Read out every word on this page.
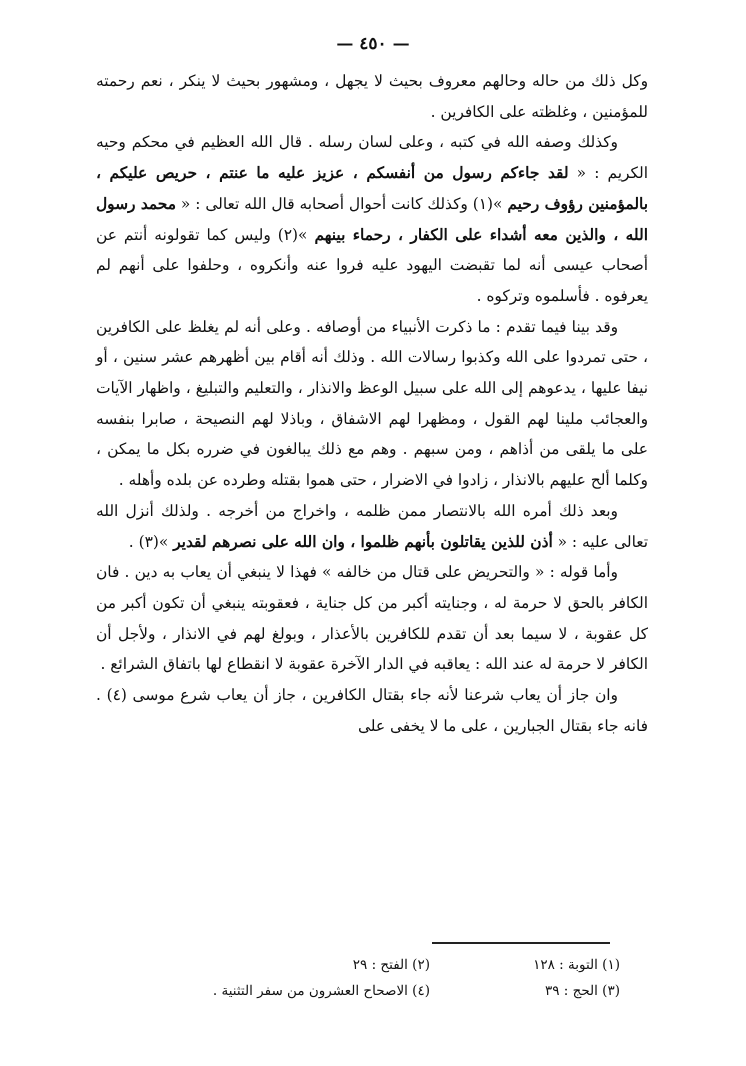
— ٤٥٠ —

وكل ذلك من حاله وحالهم معروف بحيث لا يجهل ، ومشهور بحيث لا ينكر ، نعم رحمته للمؤمنين ، وغلظته على الكافرين .

وكذلك وصفه الله في كتبه ، وعلى لسان رسله . قال الله العظيم في محكم وحيه الكريم : « لقد جاءكم رسول من أنفسكم ، عزيز عليه ما عنتم ، حريص عليكم ، بالمؤمنين رؤوف رحيم »(١) وكذلك كانت أحوال أصحابه قال الله تعالى : « محمد رسول الله ، والذين معه أشداء على الكفار ، رحماء بينهم »(٢) وليس كما تقولونه أنتم عن أصحاب عيسى أنه لما تقبضت اليهود عليه فروا عنه وأنكروه ، وحلفوا على أنهم لم يعرفوه . فأسلموه وتركوه .

وقد بينا فيما تقدم : ما ذكرت الأنبياء من أوصافه . وعلى أنه لم يغلظ على الكافرين ، حتى تمردوا على الله وكذبوا رسالات الله . وذلك أنه أقام بين أظهرهم عشر سنين ، أو نيفا عليها ، يدعوهم إلى الله على سبيل الوعظ والانذار ، والتعليم والتبليغ ، واظهار الآيات والعجائب ملينا لهم القول ، ومظهرا لهم الاشفاق ، وباذلا لهم النصيحة ، صابرا بنفسه على ما يلقى من أذاهم ، ومن سبهم . وهم مع ذلك يبالغون في ضرره بكل ما يمكن ، وكلما ألح عليهم بالانذار ، زادوا في الاضرار ، حتى هموا بقتله وطرده عن بلده وأهله .

وبعد ذلك أمره الله بالانتصار ممن ظلمه ، واخراج من أخرجه . ولذلك أنزل الله تعالى عليه : « أذن للذين يقاتلون بأنهم ظلموا ، وان الله على نصرهم لقدير »(٣) .

وأما قوله : « والتحريض على قتال من خالفه » فهذا لا ينبغي أن يعاب به دين . فان الكافر بالحق لا حرمة له ، وجنايته أكبر من كل جناية ، فعقوبته ينبغي أن تكون أكبر من كل عقوبة ، لا سيما بعد أن تقدم للكافرين بالأعذار ، وبولغ لهم في الانذار ، ولأجل أن الكافر لا حرمة له عند الله : يعاقبه في الدار الآخرة عقوبة لا انقطاع لها باتفاق الشرائع .

وان جاز أن يعاب شرعنا لأنه جاء بقتال الكافرين ، جاز أن يعاب شرع موسى (٤) . فانه جاء بقتال الجبارين ، على ما لا يخفى على

(١) التوبة : ١٢٨
(٢) الفتح : ٢٩
(٣) الحج : ٣٩
(٤) الاصحاح العشرون من سفر التثنية .
